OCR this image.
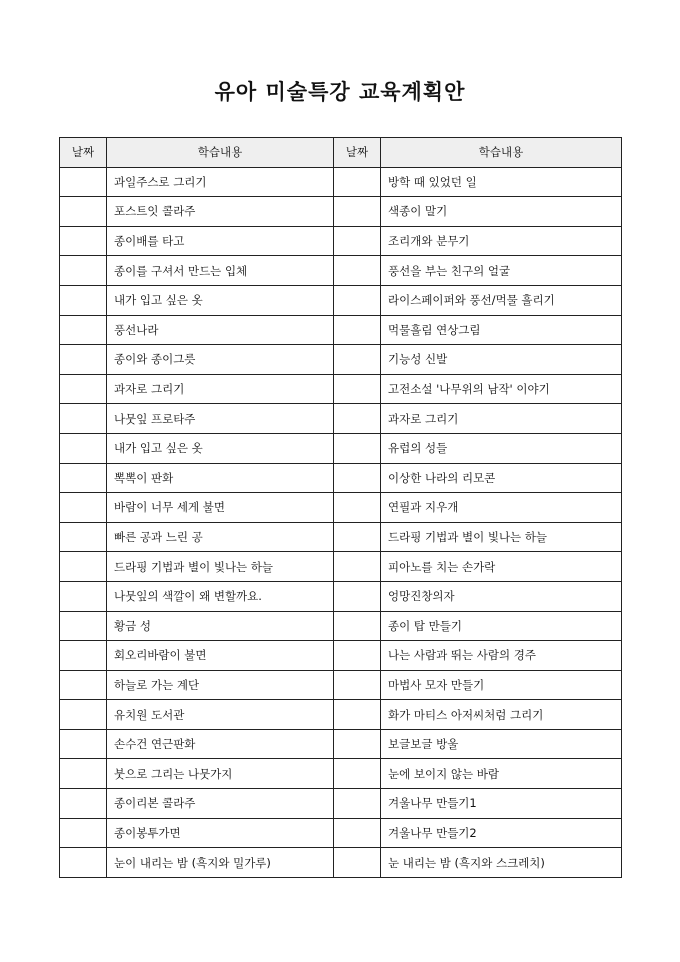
유아 미술특강 교육계획안
날짜	학습내용	날짜	학습내용
	과일주스로 그리기		방학 때 있었던 일
	포스트잇 콜라주		색종이 말기
	종이배를 타고		조리개와 분무기
	종이를 구셔서 만드는 입체		풍선을 부는 친구의 얼굴
	내가 입고 싶은 옷		라이스페이퍼와 풍선/먹물 흘리기
	풍선나라		먹물흘림 연상그림
	종이와 종이그릇		기능성 신발
	과자로 그리기		고전소설 '나무위의 남작' 이야기
	나뭇잎 프로타주		과자로 그리기
	내가 입고 싶은 옷		유럽의 성들
	뽁뽁이 판화		이상한 나라의 리모콘
	바람이 너무 세게 불면		연필과 지우개
	빠른 공과 느린 공		드라핑 기법과 별이 빛나는 하늘
	드라핑 기법과 별이 빛나는 하늘		피아노를 치는 손가락
	나뭇잎의 색깔이 왜 변할까요.		엉망진창의자
	황금 성		종이 탑 만들기
	회오리바람이 불면		나는 사람과 뛰는 사람의 경주
	하늘로 가는 계단		마법사 모자 만들기
	유치원 도서관		화가 마티스 아저씨처럼 그리기
	손수건 연근판화		보글보글 방울
	붓으로 그리는 나뭇가지		눈에 보이지 않는 바람
	종이리본 콜라주		겨울나무 만들기1
	종이봉투가면		겨울나무 만들기2
	눈이 내리는 밤 (흑지와 밀가루)		눈 내리는 밤 (흑지와 스크레치)
